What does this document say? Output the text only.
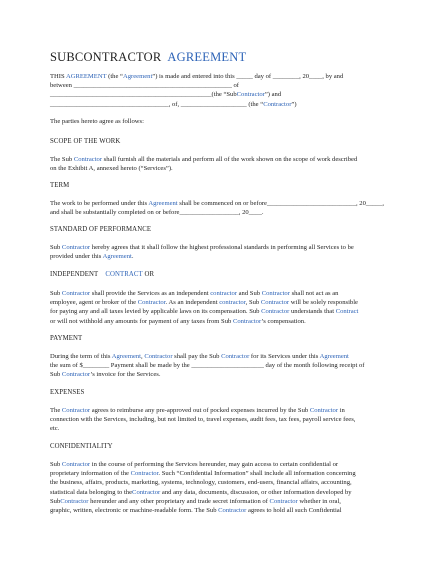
SUBCONTRACTOR AGREEMENT
THIS AGREEMENT (the “Agreement”) is made and entered into this _____ day of ________, 20____, by and
between ________________________________________________ of
_________________________________________________(the “SubContractor”) and
____________________________________, of, ____________________ (the “Contractor”)
The parties hereto agree as follows:
SCOPE OF THE WORK
The Sub Contractor shall furnish all the materials and perform all of the work shown on the scope of work described
on the Exhibit A, annexed hereto (“Services”).
TERM
The work to be performed under this Agreement shall be commenced on or before___________________________, 20_____,
and shall be substantially completed on or before__________________, 20____.
STANDARD OF PERFORMANCE
Sub Contractor hereby agrees that it shall follow the highest professional standards in performing all Services to be
provided under this Agreement.
INDEPENDENT CONTRACT OR
Sub Contractor shall provide the Services as an independent contractor and Sub Contractor shall not act as an
employee, agent or broker of the Contractor. As an independent contractor, Sub Contractor will be solely responsible
for paying any and all taxes levied by applicable laws on its compensation. Sub Contractor understands that Contract
or will not withhold any amounts for payment of any taxes from Sub Contractor’s compensation.
PAYMENT
During the term of this Agreement, Contractor shall pay the Sub Contractor for its Services under this Agreement
the sum of $________ Payment shall be made by the ______________________ day of the month following receipt of
Sub Contractor’s invoice for the Services.
EXPENSES
The Contractor agrees to reimburse any pre-approved out of pocked expenses incurred by the Sub Contractor in
connection with the Services, including, but not limited to, travel expenses, audit fees, tax fees, payroll service fees,
etc.
CONFIDENTIALITY
Sub Contractor in the course of performing the Services hereunder, may gain access to certain confidential or
proprietary information of the Contractor. Such “Confidential Information” shall include all information concerning
the business, affairs, products, marketing, systems, technology, customers, end-users, financial affairs, accounting,
statistical data belonging to theContractor and any data, documents, discussion, or other information developed by
SubContractor hereunder and any other proprietary and trade secret information of Contractor whether in oral,
graphic, written, electronic or machine-readable form. The Sub Contractor agrees to hold all such Confidential
